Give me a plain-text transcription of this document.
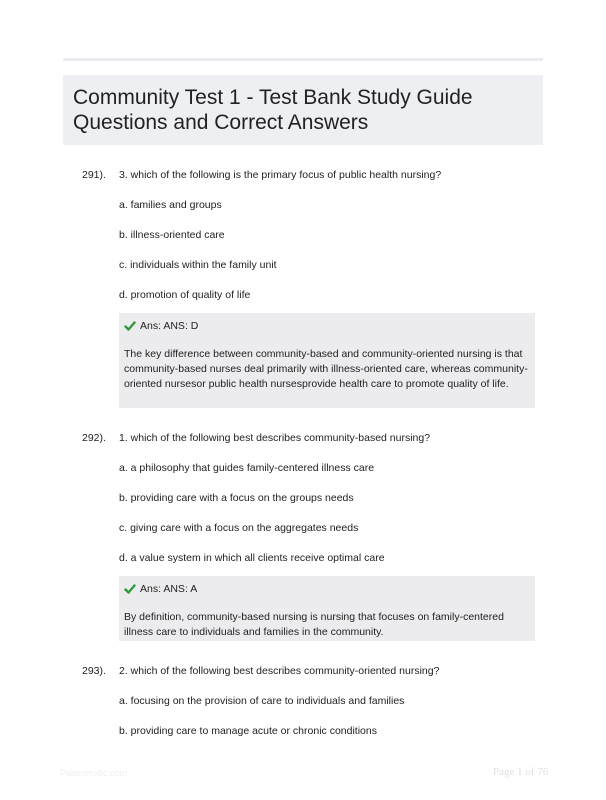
Community Test 1 - Test Bank Study Guide
Questions and Correct Answers
291). 3. which of the following is the primary focus of public health nursing?
a. families and groups
b. illness-oriented care
c. individuals within the family unit
d. promotion of quality of life
Ans: ANS: D
The key difference between community-based and community-oriented nursing is that community-based nurses deal primarily with illness-oriented care, whereas community-oriented nursesor public health nursesprovide health care to promote quality of life.
292). 1. which of the following best describes community-based nursing?
a. a philosophy that guides family-centered illness care
b. providing care with a focus on the groups needs
c. giving care with a focus on the aggregates needs
d. a value system in which all clients receive optimal care
Ans: ANS: A
By definition, community-based nursing is nursing that focuses on family-centered illness care to individuals and families in the community.
293). 2. which of the following best describes community-oriented nursing?
a. focusing on the provision of care to individuals and families
b. providing care to manage acute or chronic conditions
Paperstudic.com	Page 1 of 76
